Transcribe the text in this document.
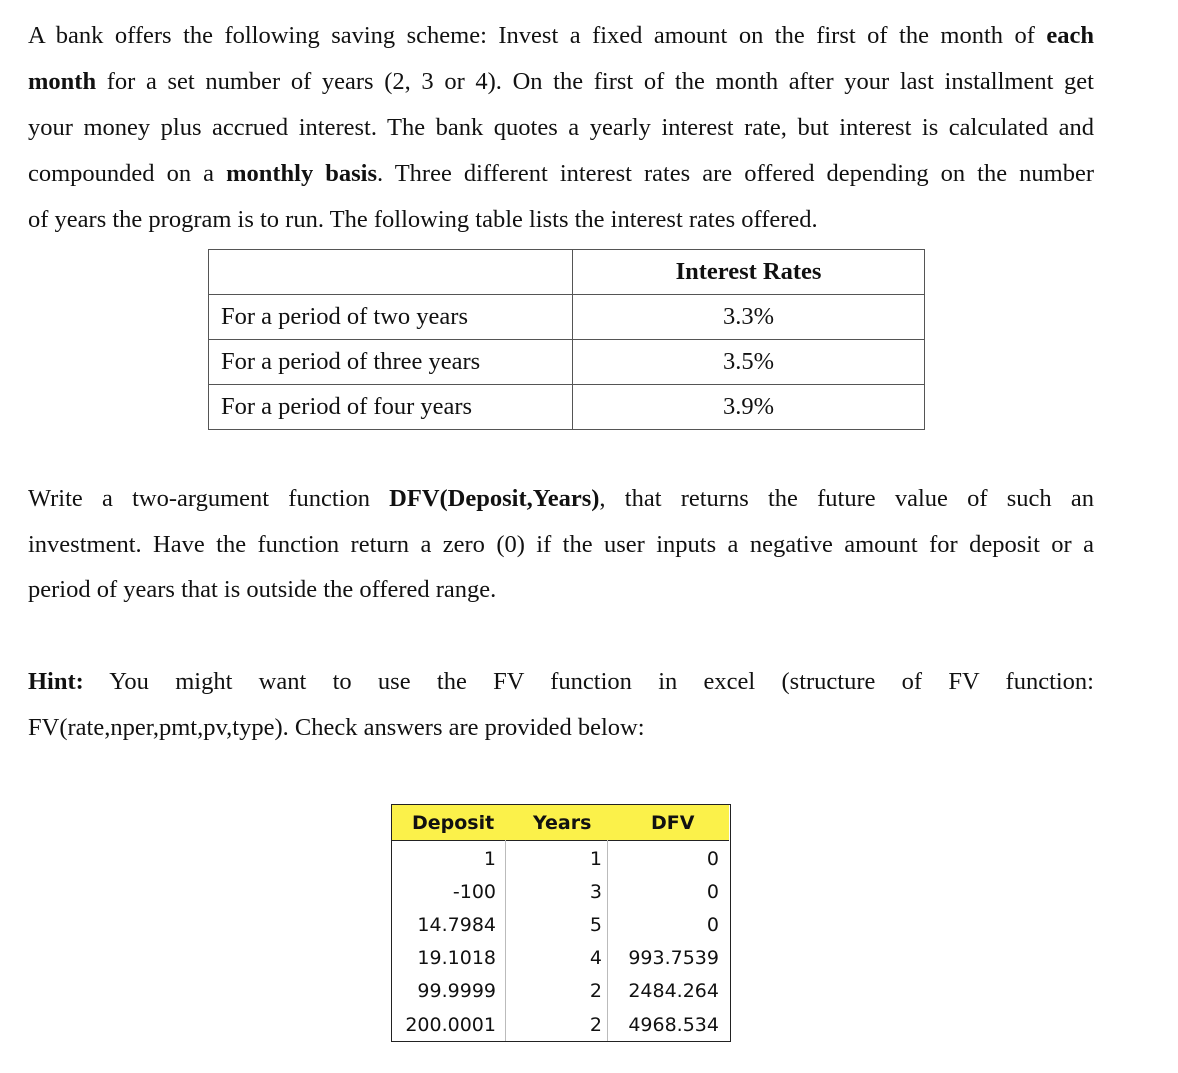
A bank offers the following saving scheme: Invest a fixed amount on the first of the month of each
month for a set number of years (2, 3 or 4). On the first of the month after your last installment get
your money plus accrued interest. The bank quotes a yearly interest rate, but interest is calculated and
compounded on a monthly basis. Three different interest rates are offered depending on the number
of years the program is to run. The following table lists the interest rates offered.
	Interest Rates
For a period of two years	3.3%
For a period of three years	3.5%
For a period of four years	3.9%
Write a two-argument function DFV(Deposit,Years), that returns the future value of such an
investment. Have the function return a zero (0) if the user inputs a negative amount for deposit or a
period of years that is outside the offered range.
Hint: You might want to use the FV function in excel (structure of FV function:
FV(rate,nper,pmt,pv,type). Check answers are provided below:
Deposit Years	DFV
1	1	0
-100	3	0
14.7984	5	0
19.1018	4	993.7539
99.9999	2	2484.264
200.0001	2	4968.534
